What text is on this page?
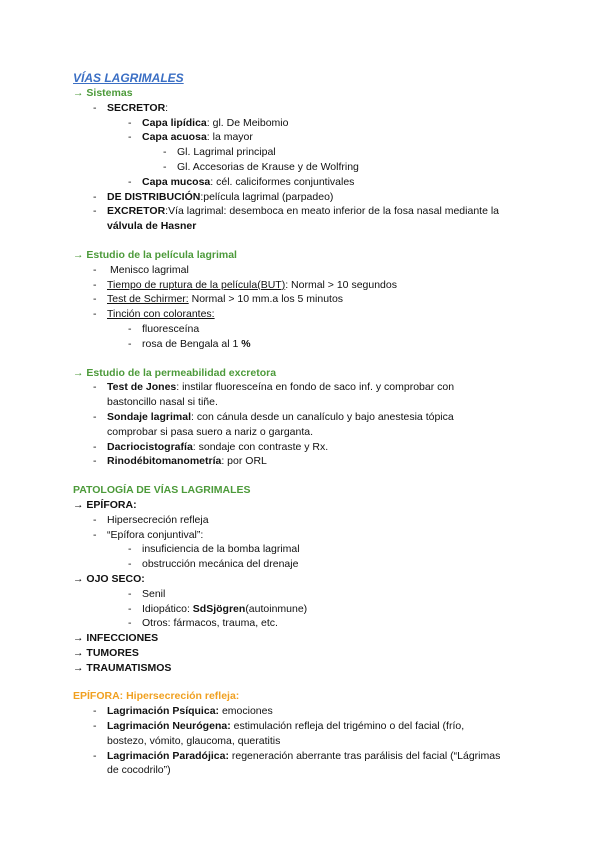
VÍAS LAGRIMALES
→ Sistemas
-	SECRETOR:
-	Capa lipídica: gl. De Meibomio
-	Capa acuosa: la mayor
-	Gl. Lagrimal principal
-	Gl. Accesorias de Krause y de Wolfring
-	Capa mucosa: cél. caliciformes conjuntivales
-	DE DISTRIBUCIÓN:película lagrimal (parpadeo)
-	EXCRETOR:Vía lagrimal: desemboca en meato inferior de la fosa nasal mediante la
válvula de Hasner
→ Estudio de la película lagrimal
-	Menisco lagrimal
-	Tiempo de ruptura de la película(BUT): Normal > 10 segundos
-	Test de Schirmer: Normal > 10 mm.a los 5 minutos
-	Tinción con colorantes:
-	fluoresceína
-	rosa de Bengala al 1 %
→ Estudio de la permeabilidad excretora
-	Test de Jones: instilar fluoresceína en fondo de saco inf. y comprobar con
bastoncillo nasal si tiñe.
-	Sondaje lagrimal: con cánula desde un canalículo y bajo anestesia tópica
comprobar si pasa suero a nariz o garganta.
-	Dacriocistografía: sondaje con contraste y Rx.
-	Rinodébitomanometría: por ORL
PATOLOGÍA DE VÍAS LAGRIMALES
→ EPÍFORA:
-	Hipersecreción refleja
-	“Epífora conjuntival”:
-	insuficiencia de la bomba lagrimal
-	obstrucción mecánica del drenaje
→ OJO SECO:
-	Senil
-	Idiopático: SdSjögren(autoinmune)
-	Otros: fármacos, trauma, etc.
→ INFECCIONES
→ TUMORES
→ TRAUMATISMOS
EPÍFORA: Hipersecreción refleja:
-	Lagrimación Psíquica: emociones
-	Lagrimación Neurógena: estimulación refleja del trigémino o del facial (frío,
bostezo, vómito, glaucoma, queratitis
-	Lagrimación Paradójica: regeneración aberrante tras parálisis del facial (“Lágrimas
de cocodrilo”)
